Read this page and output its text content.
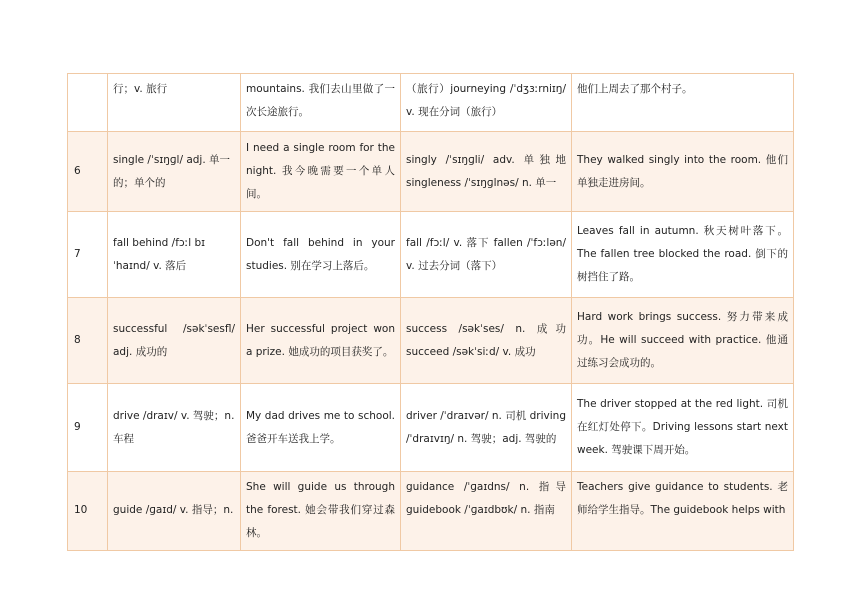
	行；v. 旅行	mountains. 我们去山里做了一次长途旅行。	（旅行）journeying /ˈdʒɜːrniɪŋ/ v. 现在分词（旅行）	他们上周去了那个村子。
6	single /ˈsɪŋɡl/ adj. 单一的；单个的	I need a single room for the night. 我今晚需要一个单人间。	singly /ˈsɪŋɡli/ adv. 单独地 singleness /ˈsɪŋɡlnəs/ n. 单一	They walked singly into the room. 他们单独走进房间。
7	fall behind /fɔːl bɪˈhaɪnd/ v. 落后	Don't fall behind in your studies. 别在学习上落后。	fall /fɔːl/ v. 落下 fallen /ˈfɔːlən/ v. 过去分词（落下）	Leaves fall in autumn. 秋天树叶落下。The fallen tree blocked the road. 倒下的树挡住了路。
8	successful /səkˈsesfl/ adj. 成功的	Her successful project won a prize. 她成功的项目获奖了。	success /səkˈses/ n. 成功 succeed /səkˈsiːd/ v. 成功	Hard work brings success. 努力带来成功。He will succeed with practice. 他通过练习会成功的。
9	drive /draɪv/ v. 驾驶；n. 车程	My dad drives me to school. 爸爸开车送我上学。	driver /ˈdraɪvər/ n. 司机 driving /ˈdraɪvɪŋ/ n. 驾驶；adj. 驾驶的	The driver stopped at the red light. 司机在红灯处停下。Driving lessons start next week. 驾驶课下周开始。
10	guide /ɡaɪd/ v. 指导；n.	She will guide us through the forest. 她会带我们穿过森林。	guidance /ˈɡaɪdns/ n. 指导 guidebook /ˈɡaɪdbʊk/ n. 指南	Teachers give guidance to students. 老师给学生指导。The guidebook helps with
